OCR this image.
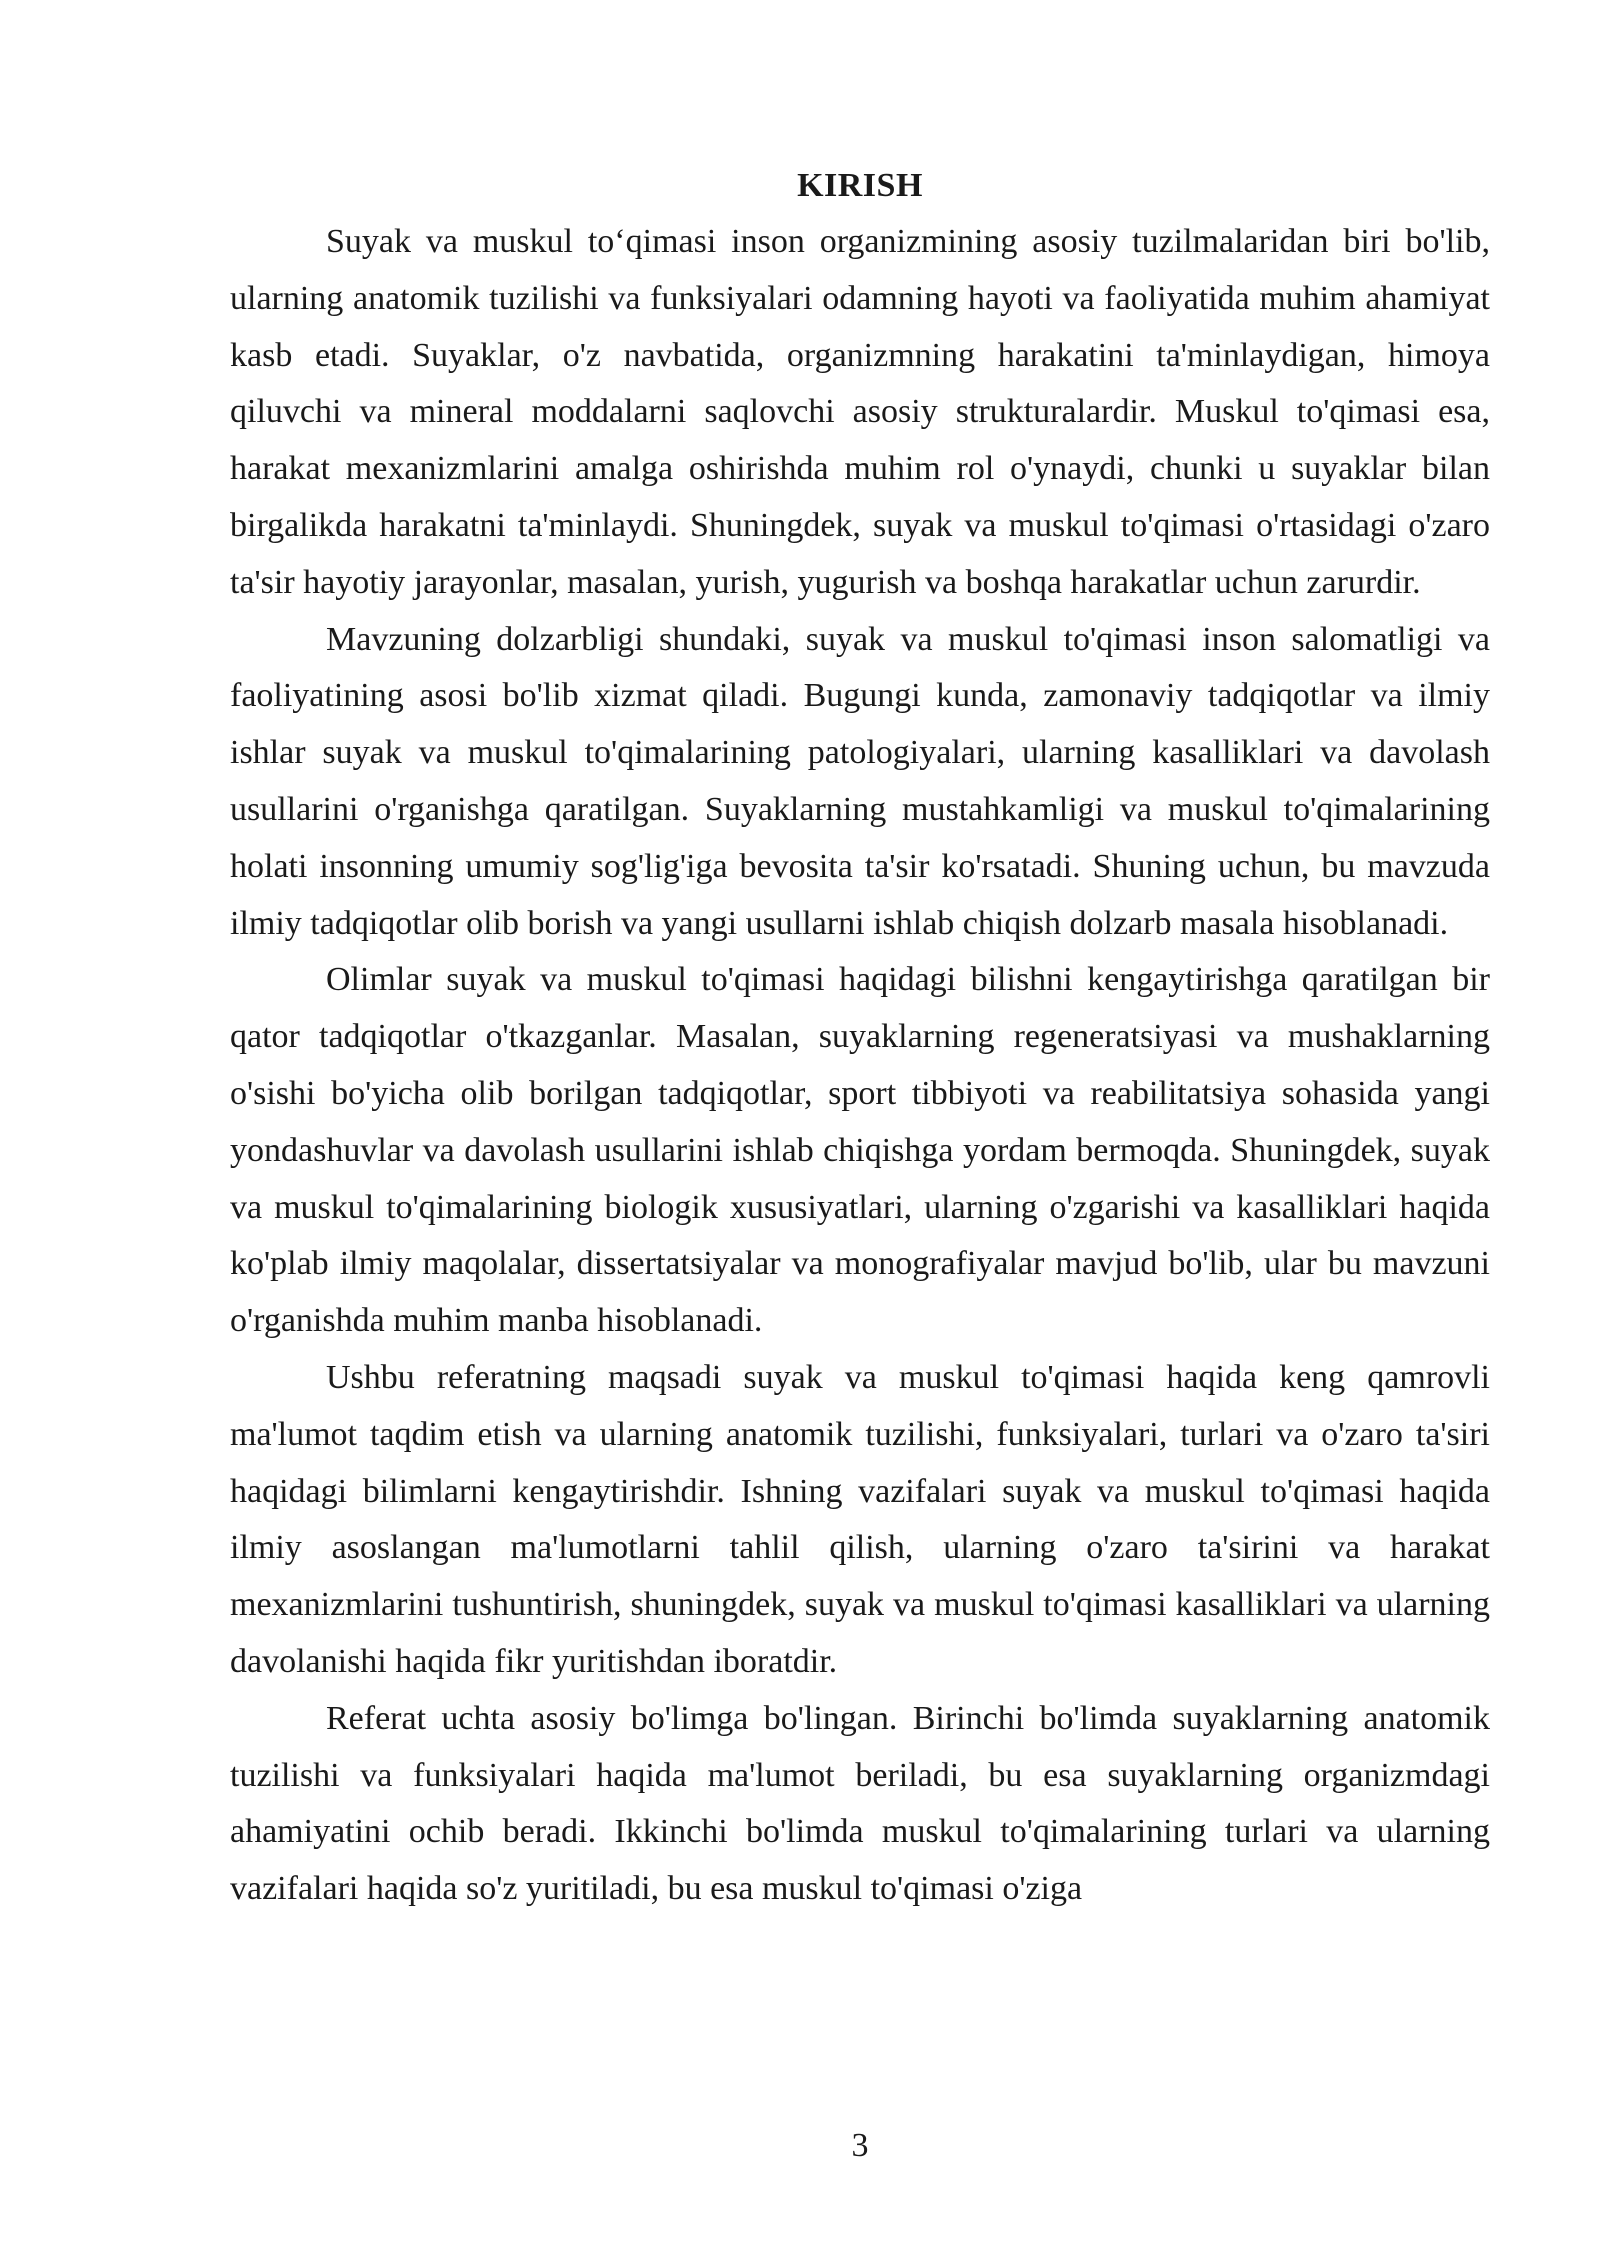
KIRISH

Suyak va muskul to‘qimasi inson organizmining asosiy tuzilmalaridan biri bo'lib, ularning anatomik tuzilishi va funksiyalari odamning hayoti va faoliyatida muhim ahamiyat kasb etadi. Suyaklar, o'z navbatida, organizmning harakatini ta'minlaydigan, himoya qiluvchi va mineral moddalarni saqlovchi asosiy strukturalardir. Muskul to'qimasi esa, harakat mexanizmlarini amalga oshirishda muhim rol o'ynaydi, chunki u suyaklar bilan birgalikda harakatni ta'minlaydi. Shuningdek, suyak va muskul to'qimasi o'rtasidagi o'zaro ta'sir hayotiy jarayonlar, masalan, yurish, yugurish va boshqa harakatlar uchun zarurdir.

Mavzuning dolzarbligi shundaki, suyak va muskul to'qimasi inson salomatligi va faoliyatining asosi bo'lib xizmat qiladi. Bugungi kunda, zamonaviy tadqiqotlar va ilmiy ishlar suyak va muskul to'qimalarining patologiyalari, ularning kasalliklari va davolash usullarini o'rganishga qaratilgan. Suyaklarning mustahkamligi va muskul to'qimalarining holati insonning umumiy sog'lig'iga bevosita ta'sir ko'rsatadi. Shuning uchun, bu mavzuda ilmiy tadqiqotlar olib borish va yangi usullarni ishlab chiqish dolzarb masala hisoblanadi.

Olimlar suyak va muskul to'qimasi haqidagi bilishni kengaytirishga qaratilgan bir qator tadqiqotlar o'tkazganlar. Masalan, suyaklarning regeneratsiyasi va mushaklarning o'sishi bo'yicha olib borilgan tadqiqotlar, sport tibbiyoti va reabilitatsiya sohasida yangi yondashuvlar va davolash usullarini ishlab chiqishga yordam bermoqda. Shuningdek, suyak va muskul to'qimalarining biologik xususiyatlari, ularning o'zgarishi va kasalliklari haqida ko'plab ilmiy maqolalar, dissertatsiyalar va monografiyalar mavjud bo'lib, ular bu mavzuni o'rganishda muhim manba hisoblanadi.

Ushbu referatning maqsadi suyak va muskul to'qimasi haqida keng qamrovli ma'lumot taqdim etish va ularning anatomik tuzilishi, funksiyalari, turlari va o'zaro ta'siri haqidagi bilimlarni kengaytirishdir. Ishning vazifalari suyak va muskul to'qimasi haqida ilmiy asoslangan ma'lumotlarni tahlil qilish, ularning o'zaro ta'sirini va harakat mexanizmlarini tushuntirish, shuningdek, suyak va muskul to'qimasi kasalliklari va ularning davolanishi haqida fikr yuritishdan iboratdir.

Referat uchta asosiy bo'limga bo'lingan. Birinchi bo'limda suyaklarning anatomik tuzilishi va funksiyalari haqida ma'lumot beriladi, bu esa suyaklarning organizmdagi ahamiyatini ochib beradi. Ikkinchi bo'limda muskul to'qimalarining turlari va ularning vazifalari haqida so'z yuritiladi, bu esa muskul to'qimasi o'ziga

3
